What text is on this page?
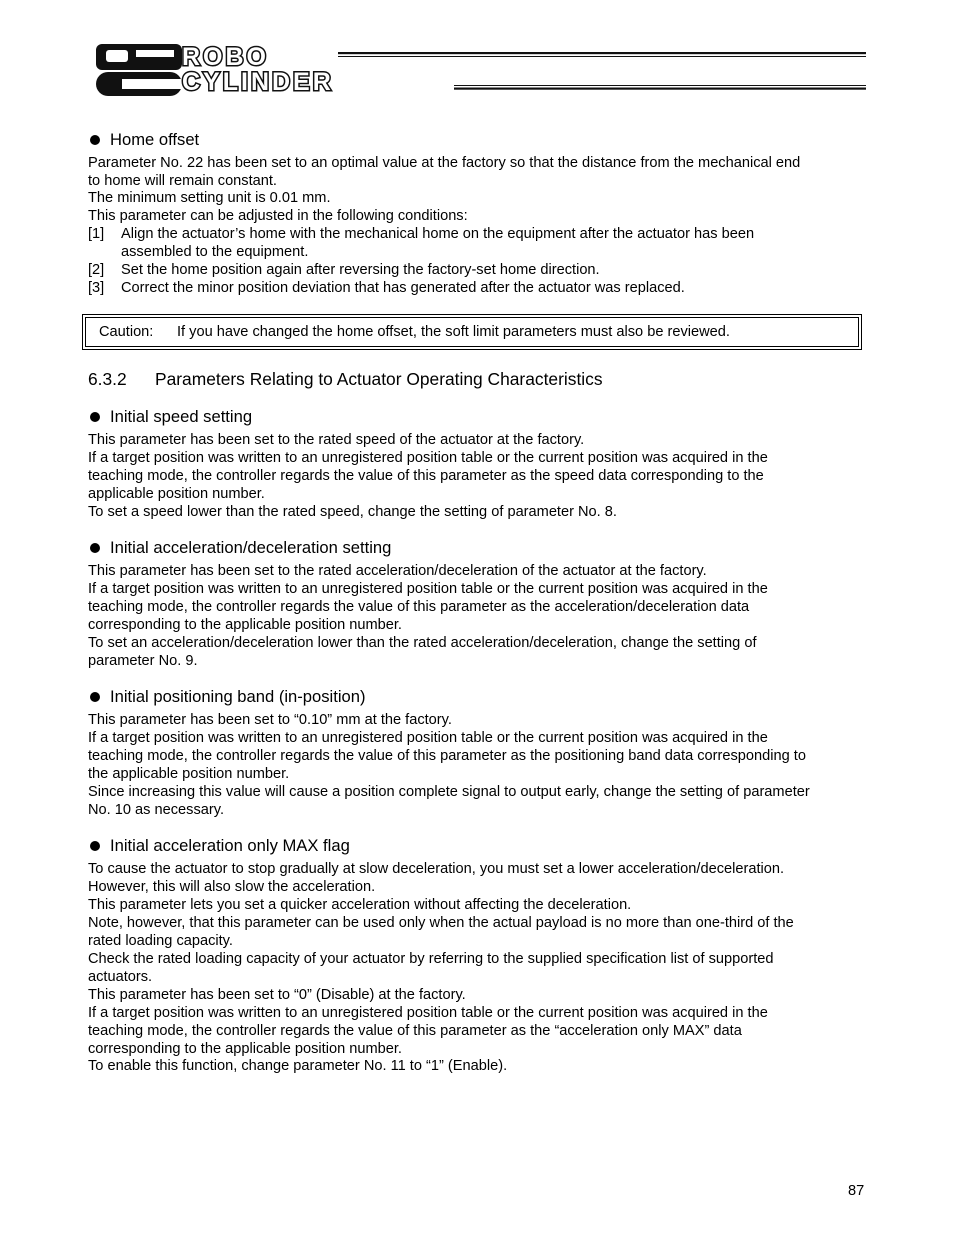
ROBO
CYLINDER
Home offset
Parameter No. 22 has been set to an optimal value at the factory so that the distance from the mechanical end
to home will remain constant.
The minimum setting unit is 0.01 mm.
This parameter can be adjusted in the following conditions:
[1] Align the actuator’s home with the mechanical home on the equipment after the actuator has been
assembled to the equipment.
[2] Set the home position again after reversing the factory-set home direction.
[3] Correct the minor position deviation that has generated after the actuator was replaced.
Caution: If you have changed the home offset, the soft limit parameters must also be reviewed.
6.3.2 Parameters Relating to Actuator Operating Characteristics
Initial speed setting
This parameter has been set to the rated speed of the actuator at the factory.
If a target position was written to an unregistered position table or the current position was acquired in the
teaching mode, the controller regards the value of this parameter as the speed data corresponding to the
applicable position number.
To set a speed lower than the rated speed, change the setting of parameter No. 8.
Initial acceleration/deceleration setting
This parameter has been set to the rated acceleration/deceleration of the actuator at the factory.
If a target position was written to an unregistered position table or the current position was acquired in the
teaching mode, the controller regards the value of this parameter as the acceleration/deceleration data
corresponding to the applicable position number.
To set an acceleration/deceleration lower than the rated acceleration/deceleration, change the setting of
parameter No. 9.
Initial positioning band (in-position)
This parameter has been set to “0.10” mm at the factory.
If a target position was written to an unregistered position table or the current position was acquired in the
teaching mode, the controller regards the value of this parameter as the positioning band data corresponding to
the applicable position number.
Since increasing this value will cause a position complete signal to output early, change the setting of parameter
No. 10 as necessary.
Initial acceleration only MAX flag
To cause the actuator to stop gradually at slow deceleration, you must set a lower acceleration/deceleration.
However, this will also slow the acceleration.
This parameter lets you set a quicker acceleration without affecting the deceleration.
Note, however, that this parameter can be used only when the actual payload is no more than one-third of the
rated loading capacity.
Check the rated loading capacity of your actuator by referring to the supplied specification list of supported
actuators.
This parameter has been set to “0” (Disable) at the factory.
If a target position was written to an unregistered position table or the current position was acquired in the
teaching mode, the controller regards the value of this parameter as the “acceleration only MAX” data
corresponding to the applicable position number.
To enable this function, change parameter No. 11 to “1” (Enable).
87
